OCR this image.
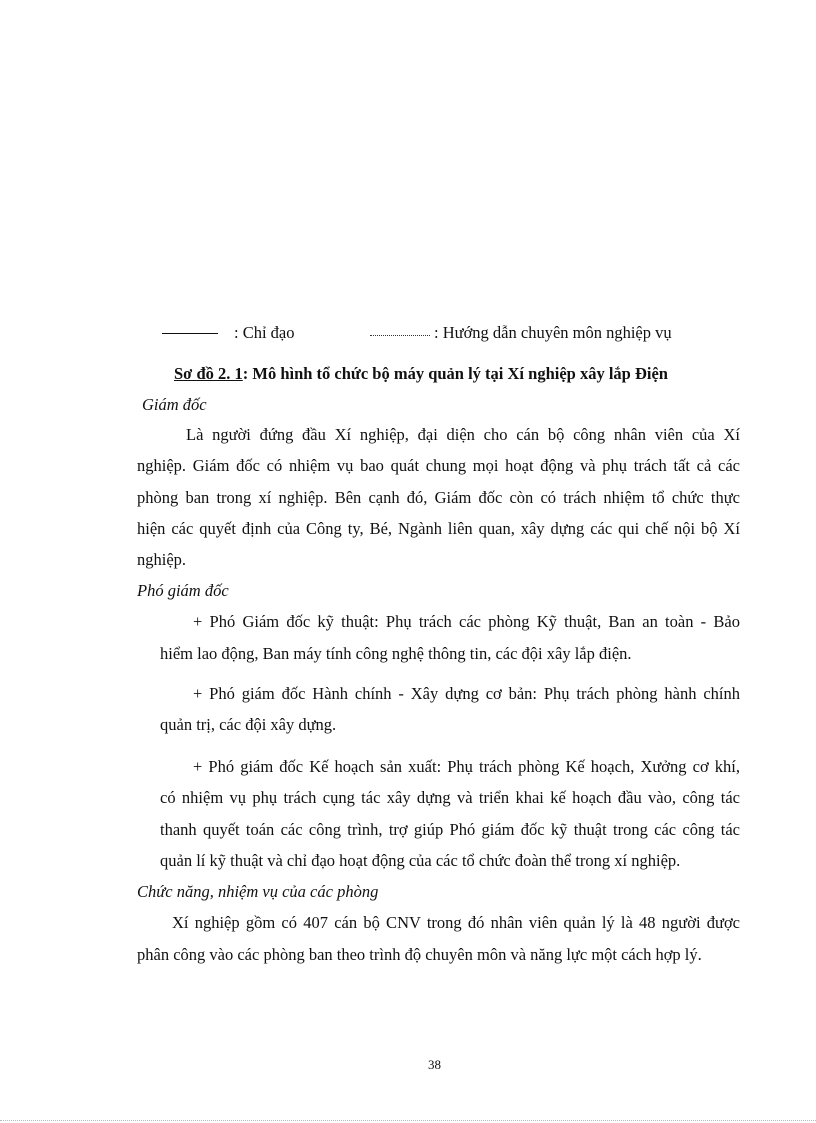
: Chỉ đạo	: Hướng dẫn chuyên môn nghiệp vụ
Sơ đồ 2. 1: Mô hình tổ chức bộ máy quản lý tại Xí nghiệp xây lắp Điện
Giám đốc
Là người đứng đầu Xí nghiệp, đại diện cho cán bộ công nhân viên của Xí
nghiệp. Giám đốc có nhiệm vụ bao quát chung mọi hoạt động và phụ trách tất cả các
phòng ban trong xí nghiệp. Bên cạnh đó, Giám đốc còn có trách nhiệm tổ chức thực
hiện các quyết định của Công ty, Bé, Ngành liên quan, xây dựng các qui chế nội bộ Xí
nghiệp.
Phó giám đốc
+ Phó Giám đốc kỹ thuật: Phụ trách các phòng Kỹ thuật, Ban an toàn - Bảo
hiểm lao động, Ban máy tính công nghệ thông tin, các đội xây lắp điện.
+ Phó giám đốc Hành chính - Xây dựng cơ bản: Phụ trách phòng hành chính
quản trị, các đội xây dựng.
+ Phó giám đốc Kế hoạch sản xuất: Phụ trách phòng Kế hoạch, Xưởng cơ khí,
có nhiệm vụ phụ trách cụng tác xây dựng và triển khai kế hoạch đầu vào, công tác
thanh quyết toán các công trình, trợ giúp Phó giám đốc kỹ thuật trong các công tác
quản lí kỹ thuật và chỉ đạo hoạt động của các tổ chức đoàn thể trong xí nghiệp.
Chức năng, nhiệm vụ của các phòng
Xí nghiệp gồm có 407 cán bộ CNV trong đó nhân viên quản lý là 48 người được
phân công vào các phòng ban theo trình độ chuyên môn và năng lực một cách hợp lý.
38
